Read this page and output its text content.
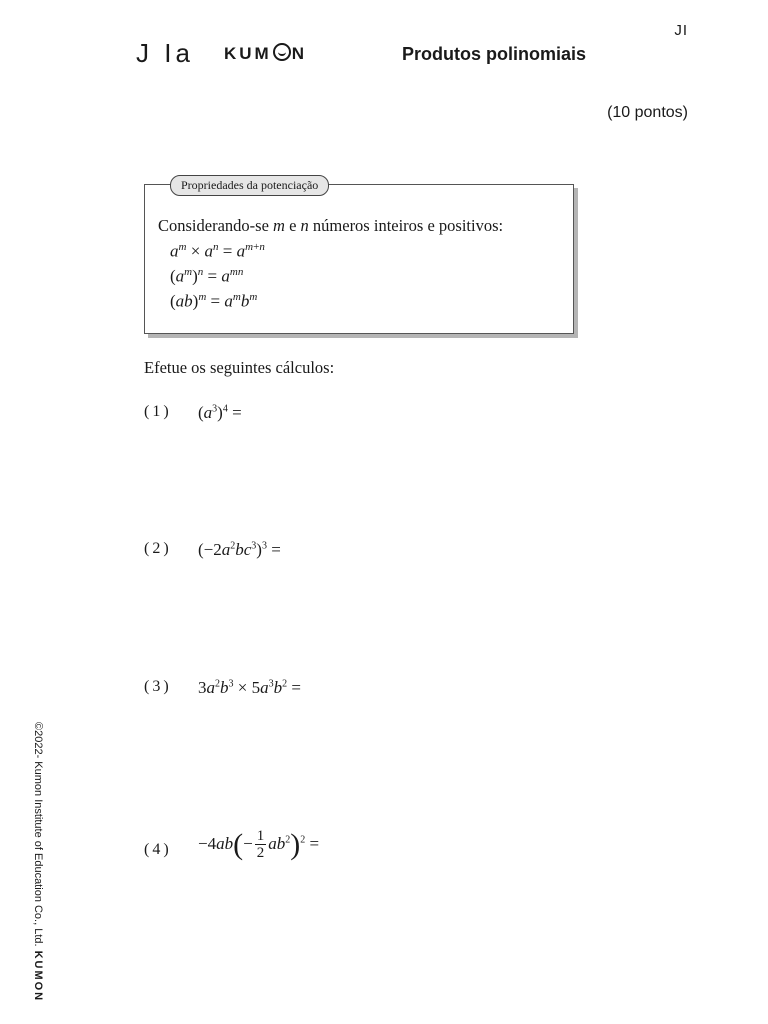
JI
J Ia KUM N	Produtos polinomiais
(10 pontos)
Propriedades da potenciação
Considerando-se m e n números inteiros e positivos:
$a^m \times a^n = a^{m+n}$
$(a^m)^n = a^{mn}$
$(ab)^m = a^mb^m$
Efetue os seguintes cálculos:
(1) $(a^3)^4$ =
(2) $(-2a^2bc^3)^3$ =
(3) $3a^2b^3 \times 5a^3b^2$ =
$(4) -4ab(- \frac{1}{2} ab^2)^2$ =
©2022- Kumon Institute of Education Co., Ltd.KUMON
